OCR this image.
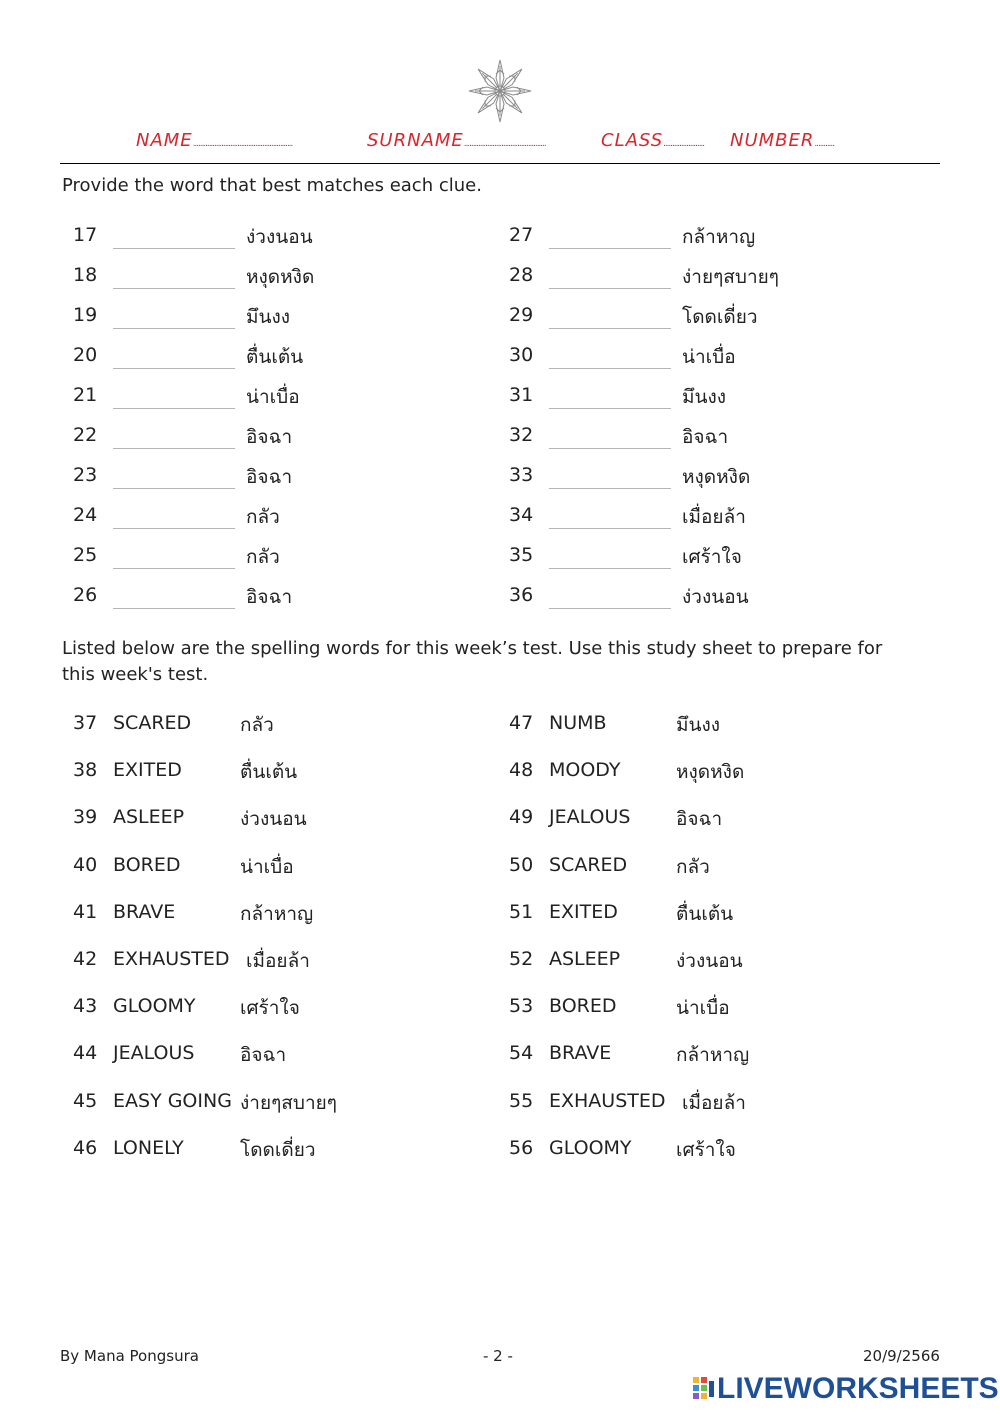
NAME........................................................	SURNAME..............................................	CLASS....................... NUMBER...........
Provide the word that best matches each clue.
17	ง่วงนอน
18	หงุดหงิด
19	มึนงง
20	ตื่นเต้น
21	น่าเบื่อ
22	อิจฉา
23	อิจฉา
24	กลัว
25	กลัว
26	อิจฉา
27	กล้าหาญ
28	ง่ายๆสบายๆ
29	โดดเดี่ยว
30	น่าเบื่อ
31	มึนงง
32	อิจฉา
33	หงุดหงิด
34	เมื่อยล้า
35	เศร้าใจ
36	ง่วงนอน
Listed below are the spelling words for this week’s test. Use this study sheet to prepare for
this week's test.
37 SCARED	กลัว
38 EXITED	ตื่นเต้น
39 ASLEEP	ง่วงนอน
40 BORED	น่าเบื่อ
41 BRAVE	กล้าหาญ
42 EXHAUSTED เมื่อยล้า
43 GLOOMY เศร้าใจ
44 JEALOUS อิจฉา
45 EASY GOING ง่ายๆสบายๆ
46 LONELY	โดดเดี่ยว
47 NUMB	มึนงง
48 MOODY	หงุดหงิด
49 JEALOUS อิจฉา
50 SCARED	กลัว
51 EXITED	ตื่นเต้น
52 ASLEEP	ง่วงนอน
53 BORED	น่าเบื่อ
54 BRAVE	กล้าหาญ
55 EXHAUSTED เมื่อยล้า
56 GLOOMY เศร้าใจ
By Mana Pongsura	- 2 -	20/9/2566
LIVEWORKSHEETS
